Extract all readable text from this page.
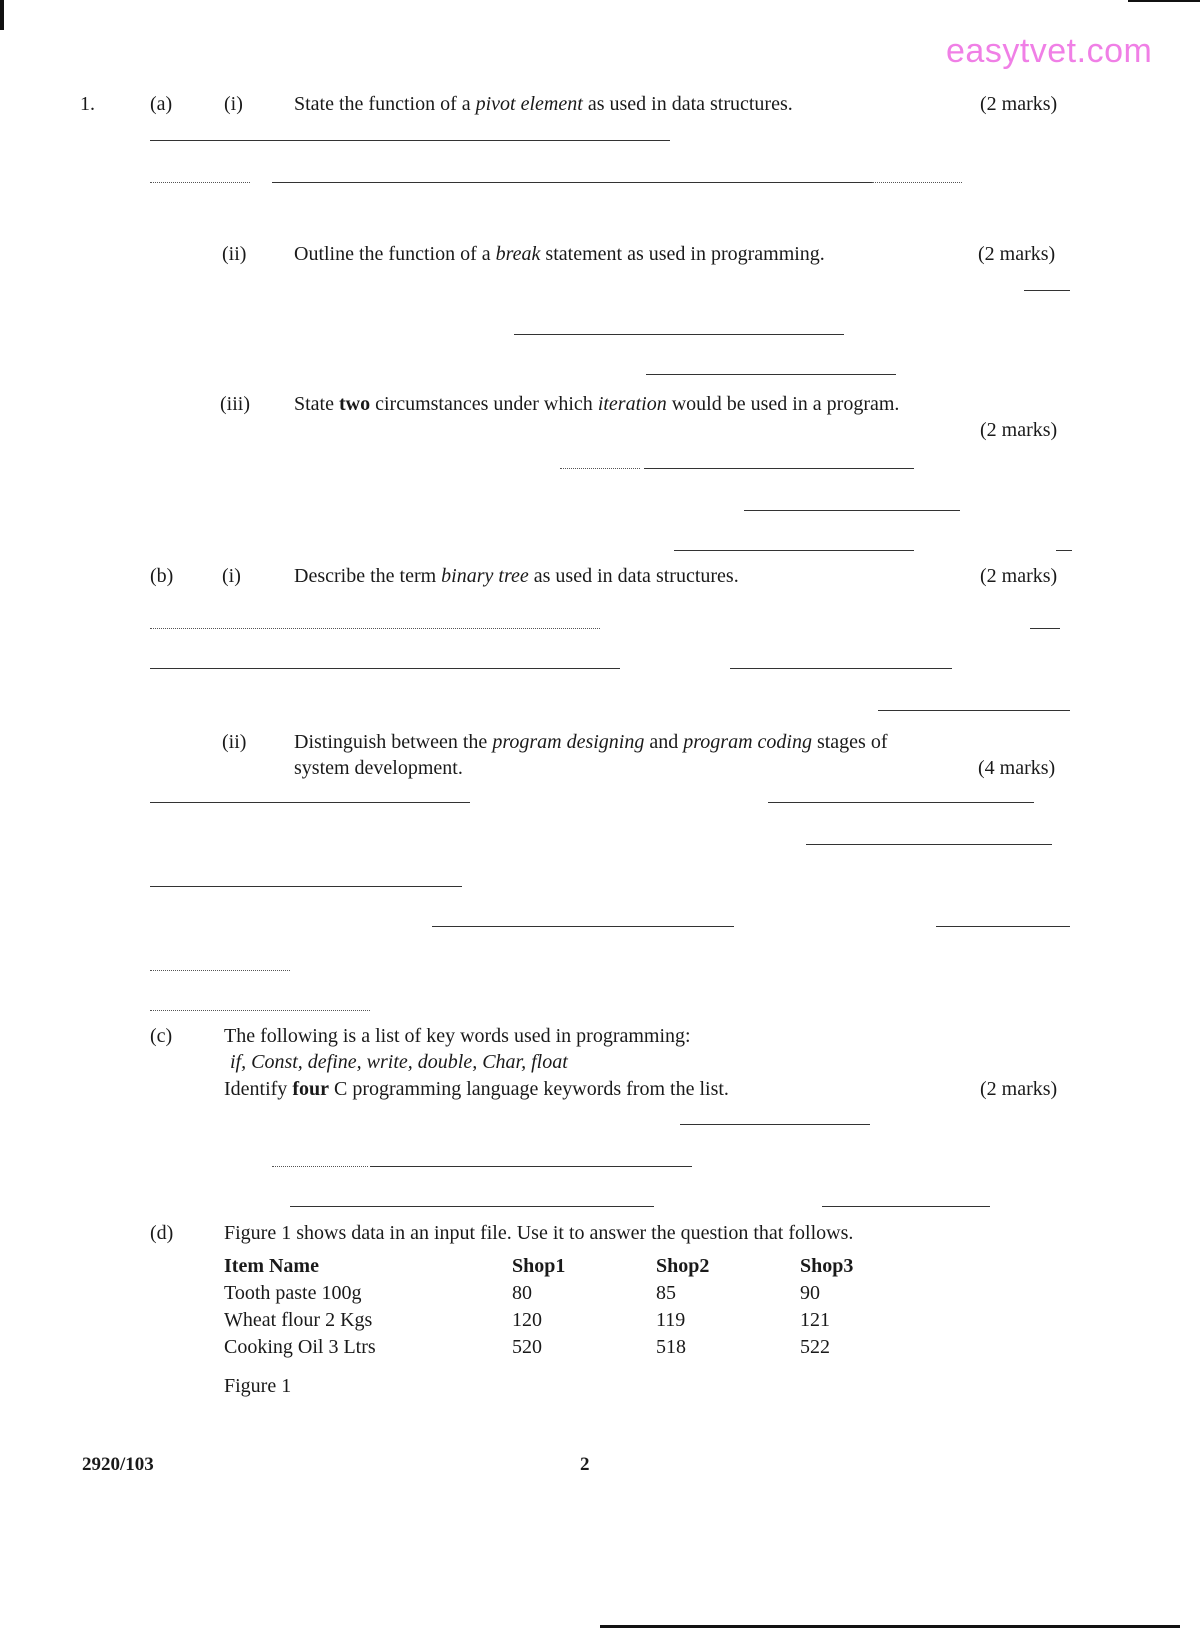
easytvet.com
1.	(a)	(i)	State the function of a pivot element as used in data structures.	(2 marks)
(ii) Outline the function of a break statement as used in programming.	(2 marks)
(iii) State two circumstances under which iteration would be used in a program.
(2 marks)
(b) (i)	Describe the term binary tree as used in data structures.	(2 marks)
(ii) Distinguish between the program designing and program coding stages of
system development.	(4 marks)
(c)	The following is a list of key words used in programming:
if, Const, define, write, double, Char, float
Identify four C programming language keywords from the list.	(2 marks)
(d)	Figure 1 shows data in an input file. Use it to answer the question that follows.
Item Name	Shop1	Shop2	Shop3
Tooth paste 100g	80	85	90
Wheat flour 2 Kgs	120	119	121
Cooking Oil 3 Ltrs	520	518	522
Figure 1
2920/103	2
